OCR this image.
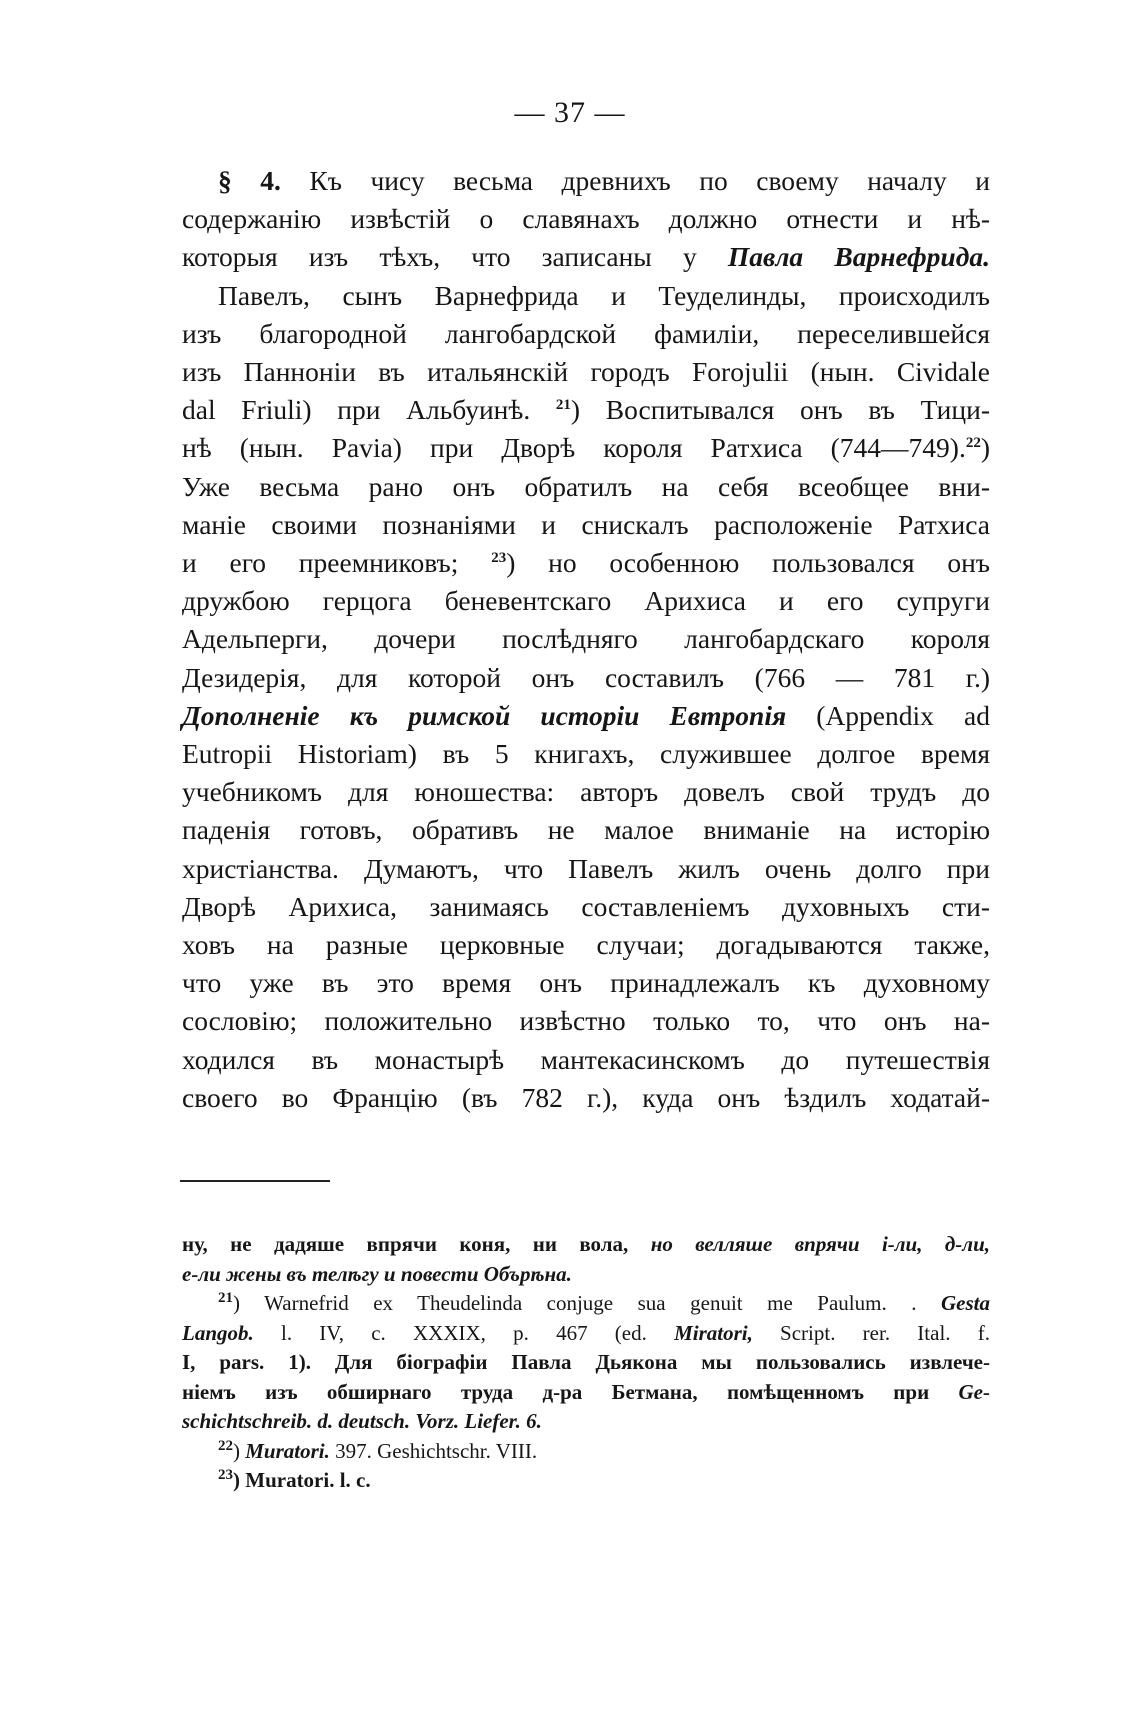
— 37 —
§ 4. Къ чису весьма древнихъ по своему началу и
содержанію извѣстій о славянахъ должно отнести и нѣ-
которыя изъ тѣхъ, что записаны у Павла Варнефрида.
Павелъ, сынъ Варнефрида и Теуделинды, происходилъ
изъ благородной лангобардской фамиліи, переселившейся
изъ Панноніи въ итальянскій городъ Forojulii (нын. Cividale
dal Friuli) при Альбуинѣ. $^{21}$) Воспитывался онъ въ Тици-
нѣ (нын. Pavia) при Дворѣ короля Ратхиса (744—749).$^{22}$)
Уже весьма рано онъ обратилъ на себя всеобщее вни-
маніе своими познаніями и снискалъ расположеніе Ратхиса
и его преемниковъ; $^{23}$) но особенною пользовался онъ
дружбою герцога беневентскаго Арихиса и его супруги
Адельперги, дочери послѣдняго лангобардскаго короля
Дезидерія, для которой онъ составилъ (766 — 781 г.)
Дополненіе къ римской исторіи Евтропія (Appendix ad
Eutropii Historiam) въ 5 книгахъ, служившее долгое время
учебникомъ для юношества: авторъ довелъ свой трудъ до
паденія готовъ, обративъ не малое вниманіе на исторію
христіанства. Думаютъ, что Павелъ жилъ очень долго при
Дворѣ Арихиса, занимаясь составленіемъ духовныхъ сти-
ховъ на разные церковные случаи; догадываются также,
что уже въ это время онъ принадлежалъ къ духовному
сословію; положительно извѣстно только то, что онъ на-
ходился въ монастырѣ мантекасинскомъ до путешествія
своего во Францію (въ 782 г.), куда онъ ѣздилъ ходатай-
ну, не дадяше впрячи коня, ни вола, но велляше впрячи і-ли, д-ли,
е-ли жены въ телѣгу и повести Обърѣна.
$^{21}$) Warnefrid ex Theudelinda conjuge sua genuit me Paulum. . Gesta
Langob. l. IV, c. XXXIX, p. 467 (ed. Miratori, Script. rer. Ital. f.
I, pars. 1). Для біографіи Павла Дьякона мы пользовались извлече-
ніемъ изъ обширнаго труда д-ра Бетмана, помѣщенномъ при Ge-
schichtschreib. d. deutsch. Vorz. Liefer. 6.
$^{22}$) Muratori. 397. Geshichtschr. VIII.
$^{23}$) Muratori. l. c.
